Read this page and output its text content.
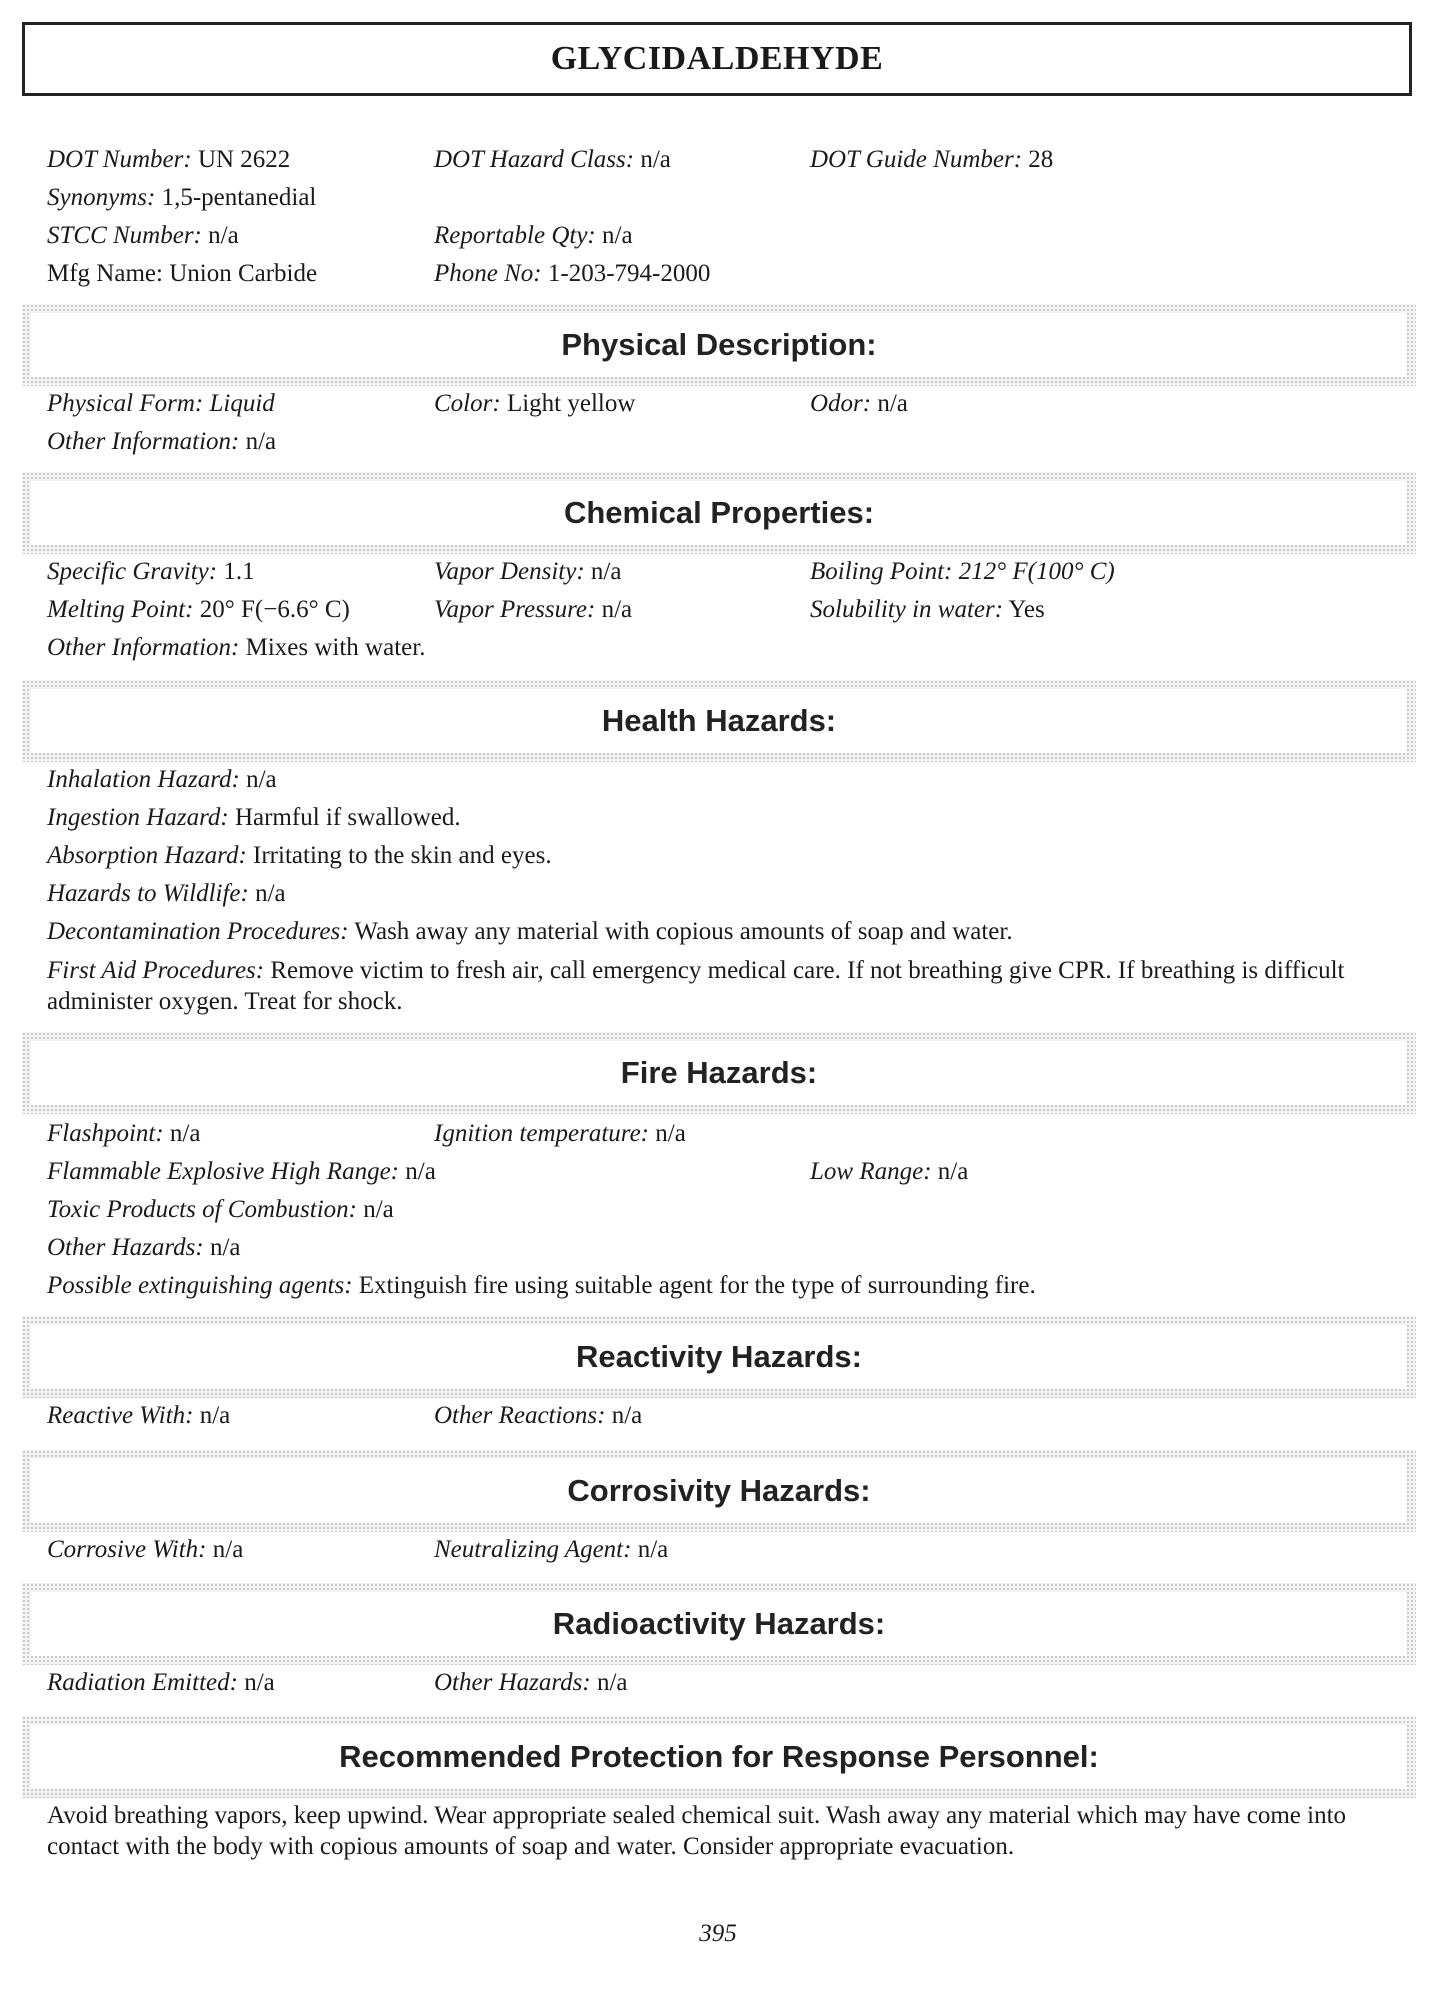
GLYCIDALDEHYDE
DOT Number: UN 2622	DOT Hazard Class: n/a	DOT Guide Number: 28
Synonyms: 1,5-pentanedial
STCC Number: n/a	Reportable Qty: n/a
Mfg Name: Union Carbide	Phone No: 1-203-794-2000
Physical Description:
Physical Form: Liquid	Color: Light yellow	Odor: n/a
Other Information: n/a
Chemical Properties:
Specific Gravity: 1.1	Vapor Density: n/a	Boiling Point: 212° F(100° C)
Melting Point: 20° F(−6.6° C)	Vapor Pressure: n/a	Solubility in water: Yes
Other Information: Mixes with water.
Health Hazards:
Inhalation Hazard: n/a
Ingestion Hazard: Harmful if swallowed.
Absorption Hazard: Irritating to the skin and eyes.
Hazards to Wildlife: n/a
Decontamination Procedures: Wash away any material with copious amounts of soap and water.
First Aid Procedures: Remove victim to fresh air, call emergency medical care. If not breathing give CPR. If breathing is difficult administer oxygen. Treat for shock.
Fire Hazards:
Flashpoint: n/a	Ignition temperature: n/a
Flammable Explosive High Range: n/a	Low Range: n/a
Toxic Products of Combustion: n/a
Other Hazards: n/a
Possible extinguishing agents: Extinguish fire using suitable agent for the type of surrounding fire.
Reactivity Hazards:
Reactive With: n/a	Other Reactions: n/a
Corrosivity Hazards:
Corrosive With: n/a	Neutralizing Agent: n/a
Radioactivity Hazards:
Radiation Emitted: n/a	Other Hazards: n/a
Recommended Protection for Response Personnel:
Avoid breathing vapors, keep upwind. Wear appropriate sealed chemical suit. Wash away any material which may have come into contact with the body with copious amounts of soap and water. Consider appropriate evacuation.
395
